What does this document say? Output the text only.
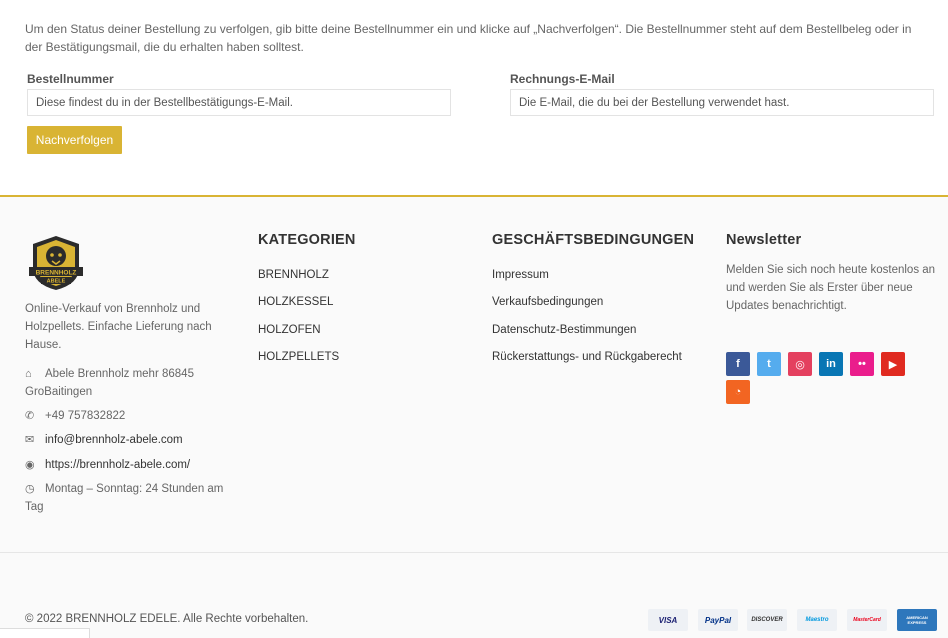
Um den Status deiner Bestellung zu verfolgen, gib bitte deine Bestellnummer ein und klicke auf „Nachverfolgen“. Die Bestellnummer steht auf dem Bestellbeleg oder in der Bestätigungsmail, die du erhalten haben solltest.

Bestellnummer
Diese findest du in der Bestellbestätigungs-E-Mail.
Rechnungs-E-Mail
Die E-Mail, die du bei der Bestellung verwendet hast.
Nachverfolgen
BRENNHOLZ
ABELE

Online-Verkauf von Brennholz und Holzpellets. Einfache Lieferung nach Hause.

⌂ Abele Brennholz mehr 86845 GroBaitingen
✆ +49 757832822
✉ info@brennholz-abele.com
◉ https://brennholz-abele.com/
◷ Montag – Sonntag: 24 Stunden am Tag
KATEGORIEN
BRENNHOLZ
HOLZKESSEL
HOLZOFEN
HOLZPELLETS
GESCHÄFTSBEDINGUNGEN
Impressum
Verkaufsbedingungen
Datenschutz-Bestimmungen
Rückerstattungs- und Rückgaberecht
Newsletter

Melden Sie sich noch heute kostenlos an und werden Sie als Erster über neue Updates benachrichtigt.

f	t	◎	in	••	▶
◔
© 2022 BRENNHOLZ EDELE. Alle Rechte vorbehalten.	VISA	PayPal	DISCOVER	Maestro	MasterCard	AMERICAN EXPRESS
